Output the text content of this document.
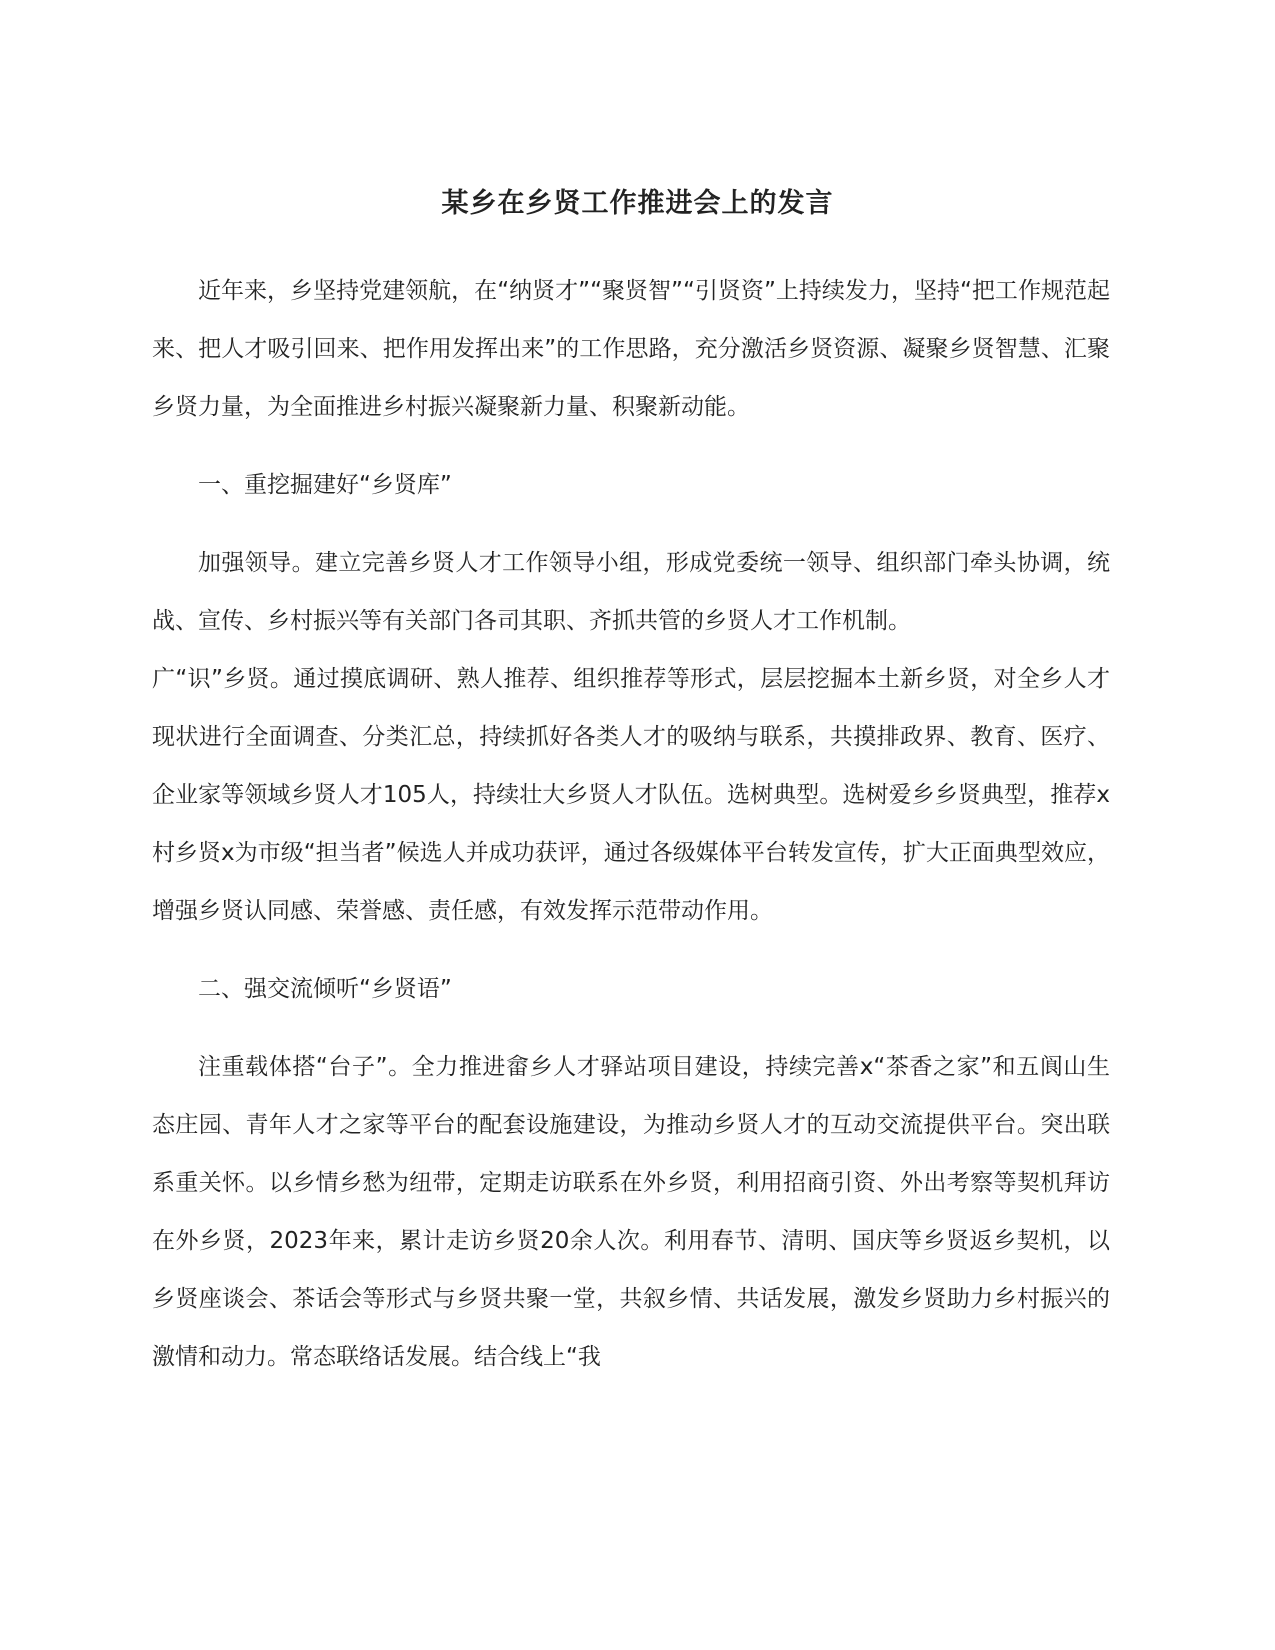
某乡在乡贤工作推进会上的发言

近年来，乡坚持党建领航，在“纳贤才”“聚贤智”“引贤资”上持续发力，坚持“把工作规范起来、把人才吸引回来、把作用发挥出来”的工作思路，充分激活乡贤资源、凝聚乡贤智慧、汇聚乡贤力量，为全面推进乡村振兴凝聚新力量、积聚新动能。

一、重挖掘建好“乡贤库”

加强领导。建立完善乡贤人才工作领导小组，形成党委统一领导、组织部门牵头协调，统战、宣传、乡村振兴等有关部门各司其职、齐抓共管的乡贤人才工作机制。

广“识”乡贤。通过摸底调研、熟人推荐、组织推荐等形式，层层挖掘本土新乡贤，对全乡人才现状进行全面调查、分类汇总，持续抓好各类人才的吸纳与联系，共摸排政界、教育、医疗、企业家等领域乡贤人才105人，持续壮大乡贤人才队伍。选树典型。选树爱乡乡贤典型，推荐x村乡贤x为市级“担当者”候选人并成功获评，通过各级媒体平台转发宣传，扩大正面典型效应，增强乡贤认同感、荣誉感、责任感，有效发挥示范带动作用。

二、强交流倾听“乡贤语”

注重载体搭“台子”。全力推进畲乡人才驿站项目建设，持续完善x“茶香之家”和五阆山生态庄园、青年人才之家等平台的配套设施建设，为推动乡贤人才的互动交流提供平台。突出联系重关怀。以乡情乡愁为纽带，定期走访联系在外乡贤，利用招商引资、外出考察等契机拜访在外乡贤，2023年来，累计走访乡贤20余人次。利用春节、清明、国庆等乡贤返乡契机，以乡贤座谈会、茶话会等形式与乡贤共聚一堂，共叙乡情、共话发展，激发乡贤助力乡村振兴的激情和动力。常态联络话发展。结合线上“我
